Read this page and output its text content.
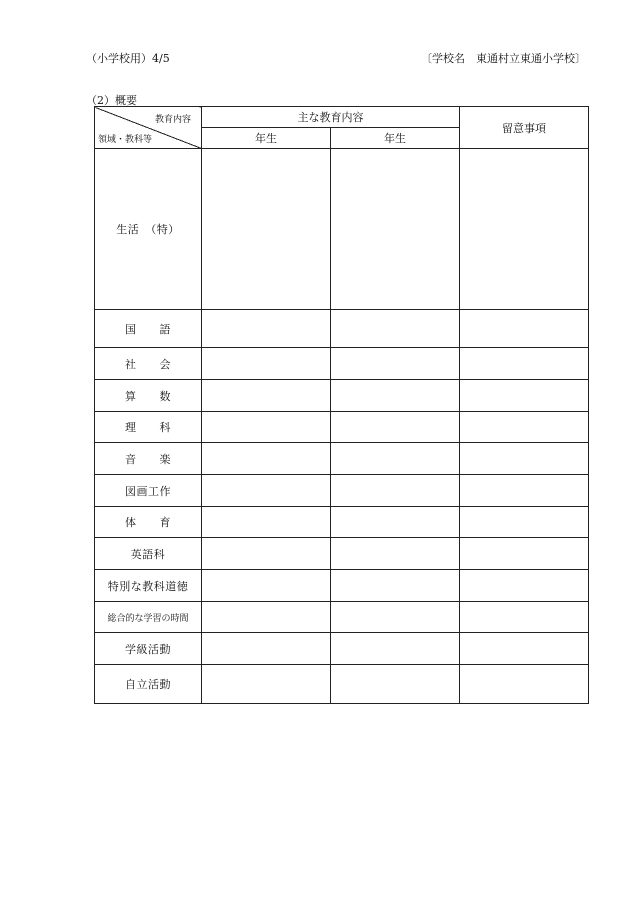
（小学校用）4/5	〔学校名　東通村立東通小学校〕
（2）概要
教育内容
領域・教科等	主な教育内容		留意事項
	年生	年生	
生活　（特）			
国　　語			
社　　会			
算　　数			
理　　科			
音　　楽			
図画工作			
体　　育			
英語科			
特別な教科道徳			
総合的な学習の時間			
学級活動			
自立活動			
